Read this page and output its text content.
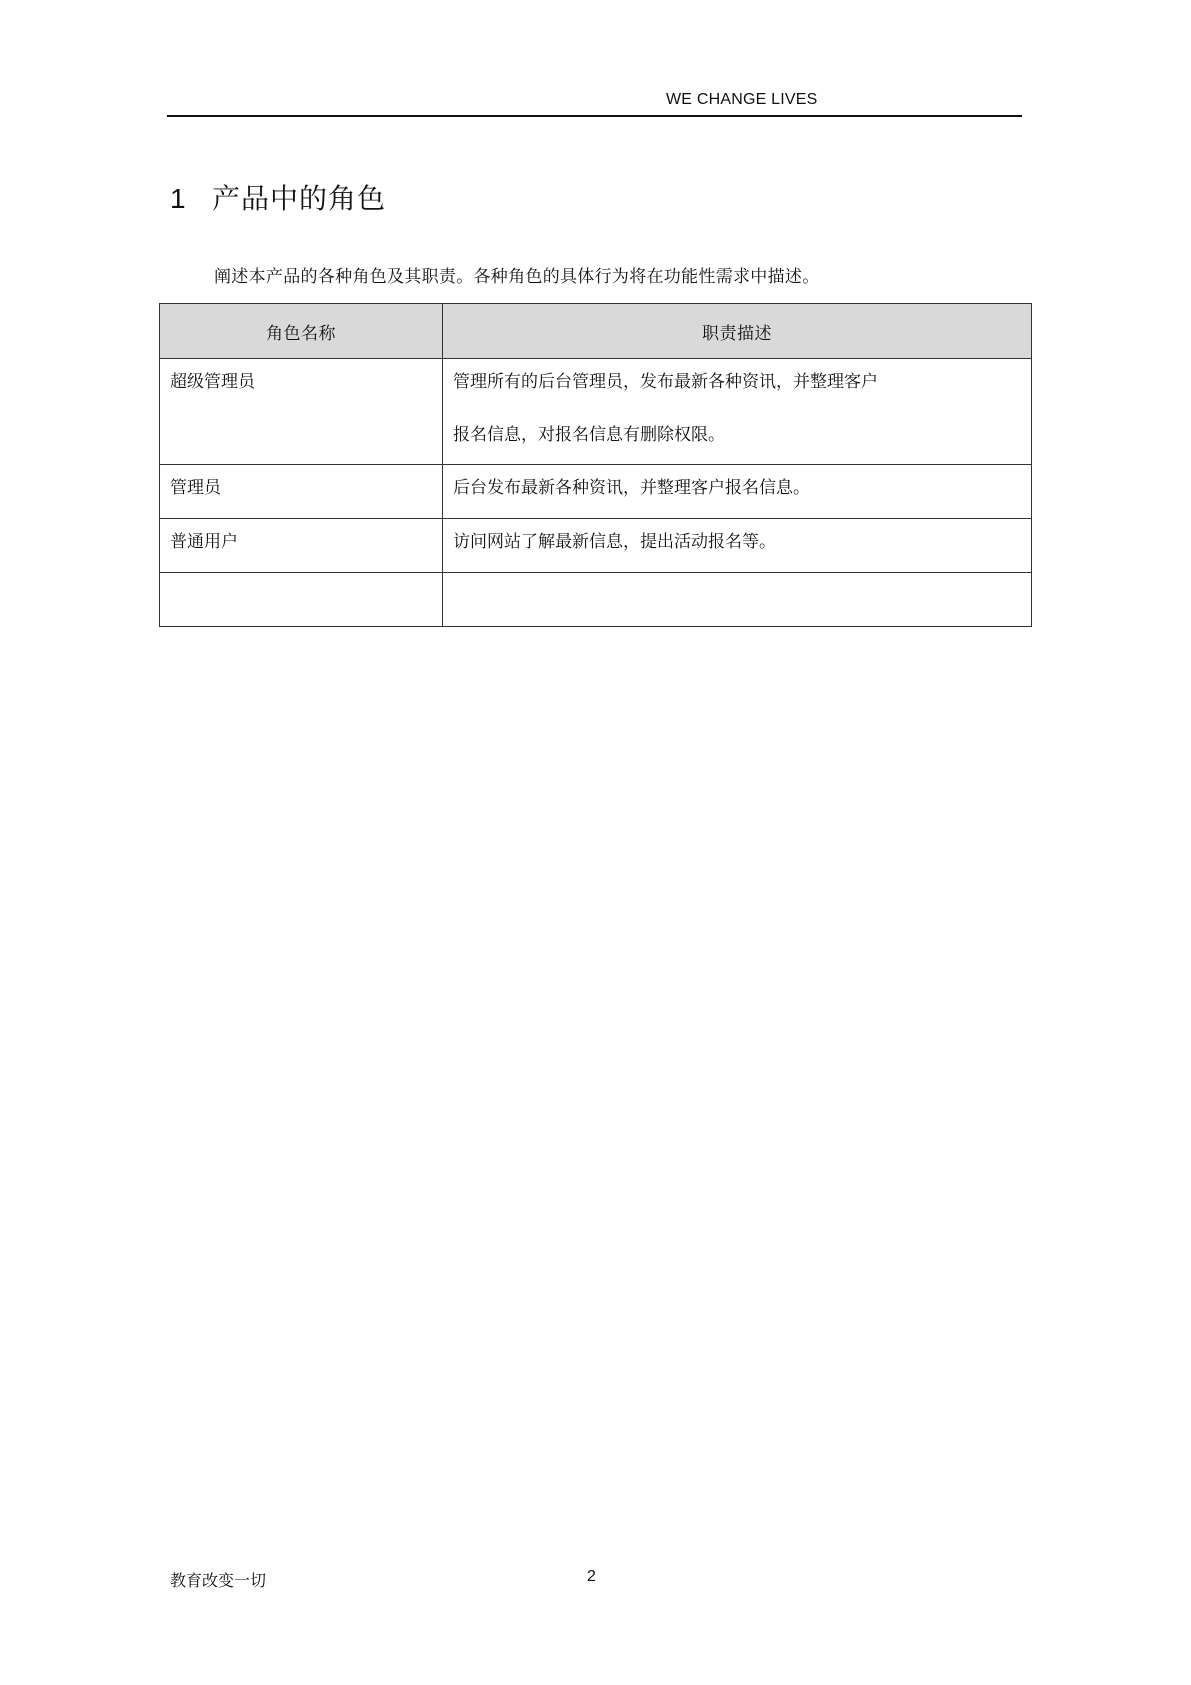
WE CHANGE LIVES
1 产品中的角色
阐述本产品的各种角色及其职责。各种角色的具体行为将在功能性需求中描述。
角色名称	职责描述

超级管理员	管理所有的后台管理员，发布最新各种资讯，并整理客户
报名信息，对报名信息有删除权限。

管理员	后台发布最新各种资讯，并整理客户报名信息。

普通用户	访问网站了解最新信息，提出活动报名等。

教育改变一切	2
